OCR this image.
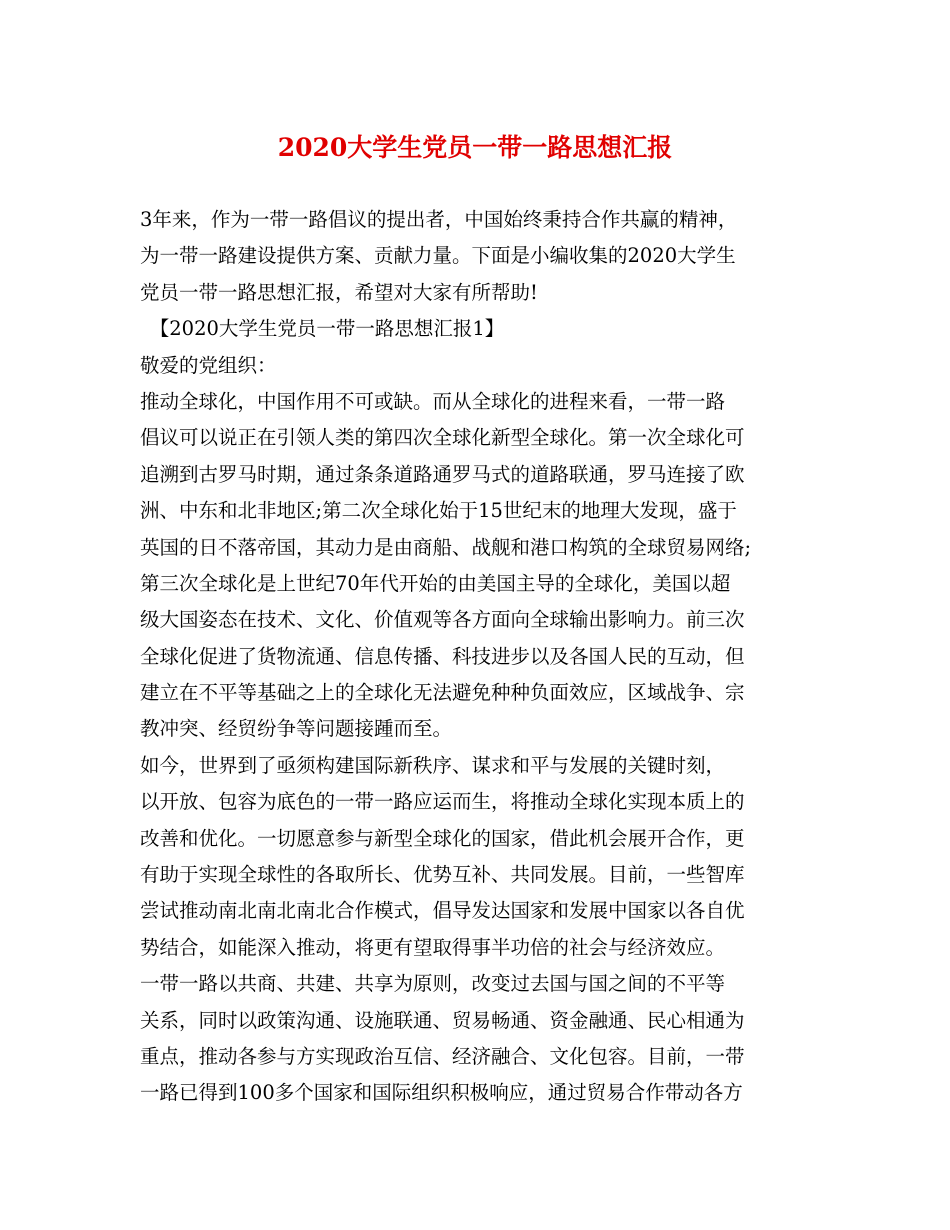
2020大学生党员一带一路思想汇报
3年来，作为一带一路倡议的提出者，中国始终秉持合作共赢的精神，
为一带一路建设提供方案、贡献力量。下面是小编收集的2020大学生
党员一带一路思想汇报，希望对大家有所帮助!
　【2020大学生党员一带一路思想汇报1】
敬爱的党组织：
推动全球化，中国作用不可或缺。而从全球化的进程来看，一带一路
倡议可以说正在引领人类的第四次全球化新型全球化。第一次全球化可
追溯到古罗马时期，通过条条道路通罗马式的道路联通，罗马连接了欧
洲、中东和北非地区;第二次全球化始于15世纪末的地理大发现，盛于
英国的日不落帝国，其动力是由商船、战舰和港口构筑的全球贸易网络;
第三次全球化是上世纪70年代开始的由美国主导的全球化，美国以超
级大国姿态在技术、文化、价值观等各方面向全球输出影响力。前三次
全球化促进了货物流通、信息传播、科技进步以及各国人民的互动，但
建立在不平等基础之上的全球化无法避免种种负面效应，区域战争、宗
教冲突、经贸纷争等问题接踵而至。
如今，世界到了亟须构建国际新秩序、谋求和平与发展的关键时刻，
以开放、包容为底色的一带一路应运而生，将推动全球化实现本质上的
改善和优化。一切愿意参与新型全球化的国家，借此机会展开合作，更
有助于实现全球性的各取所长、优势互补、共同发展。目前，一些智库
尝试推动南北南北南北合作模式，倡导发达国家和发展中国家以各自优
势结合，如能深入推动，将更有望取得事半功倍的社会与经济效应。
一带一路以共商、共建、共享为原则，改变过去国与国之间的不平等
关系，同时以政策沟通、设施联通、贸易畅通、资金融通、民心相通为
重点，推动各参与方实现政治互信、经济融合、文化包容。目前，一带
一路已得到100多个国家和国际组织积极响应，通过贸易合作带动各方
